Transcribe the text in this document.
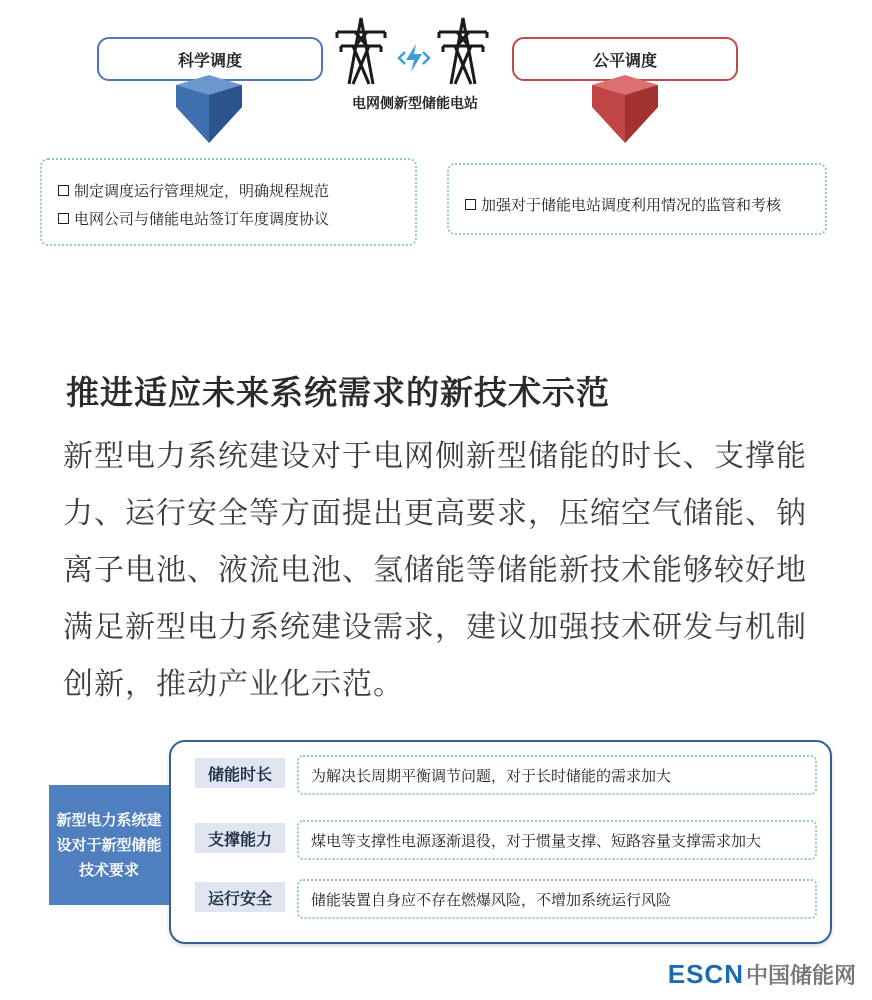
科学调度	公平调度
电网侧新型储能电站
制定调度运行管理规定，明确规程规范
电网公司与储能电站签订年度调度协议
加强对于储能电站调度利用情况的监管和考核
推进适应未来系统需求的新技术示范
新型电力系统建设对于电网侧新型储能的时长、支撑能力、运行安全等方面提出更高要求，压缩空气储能、钠离子电池、液流电池、氢储能等储能新技术能够较好地满足新型电力系统建设需求，建议加强技术研发与机制创新，推动产业化示范。
新型电力系统建设对于新型储能技术要求
储能时长	为解决长周期平衡调节问题，对于长时储能的需求加大
支撑能力	煤电等支撑性电源逐渐退役，对于惯量支撑、短路容量支撑需求加大
运行安全	储能装置自身应不存在燃爆风险，不增加系统运行风险
ESCN 中国储能网
